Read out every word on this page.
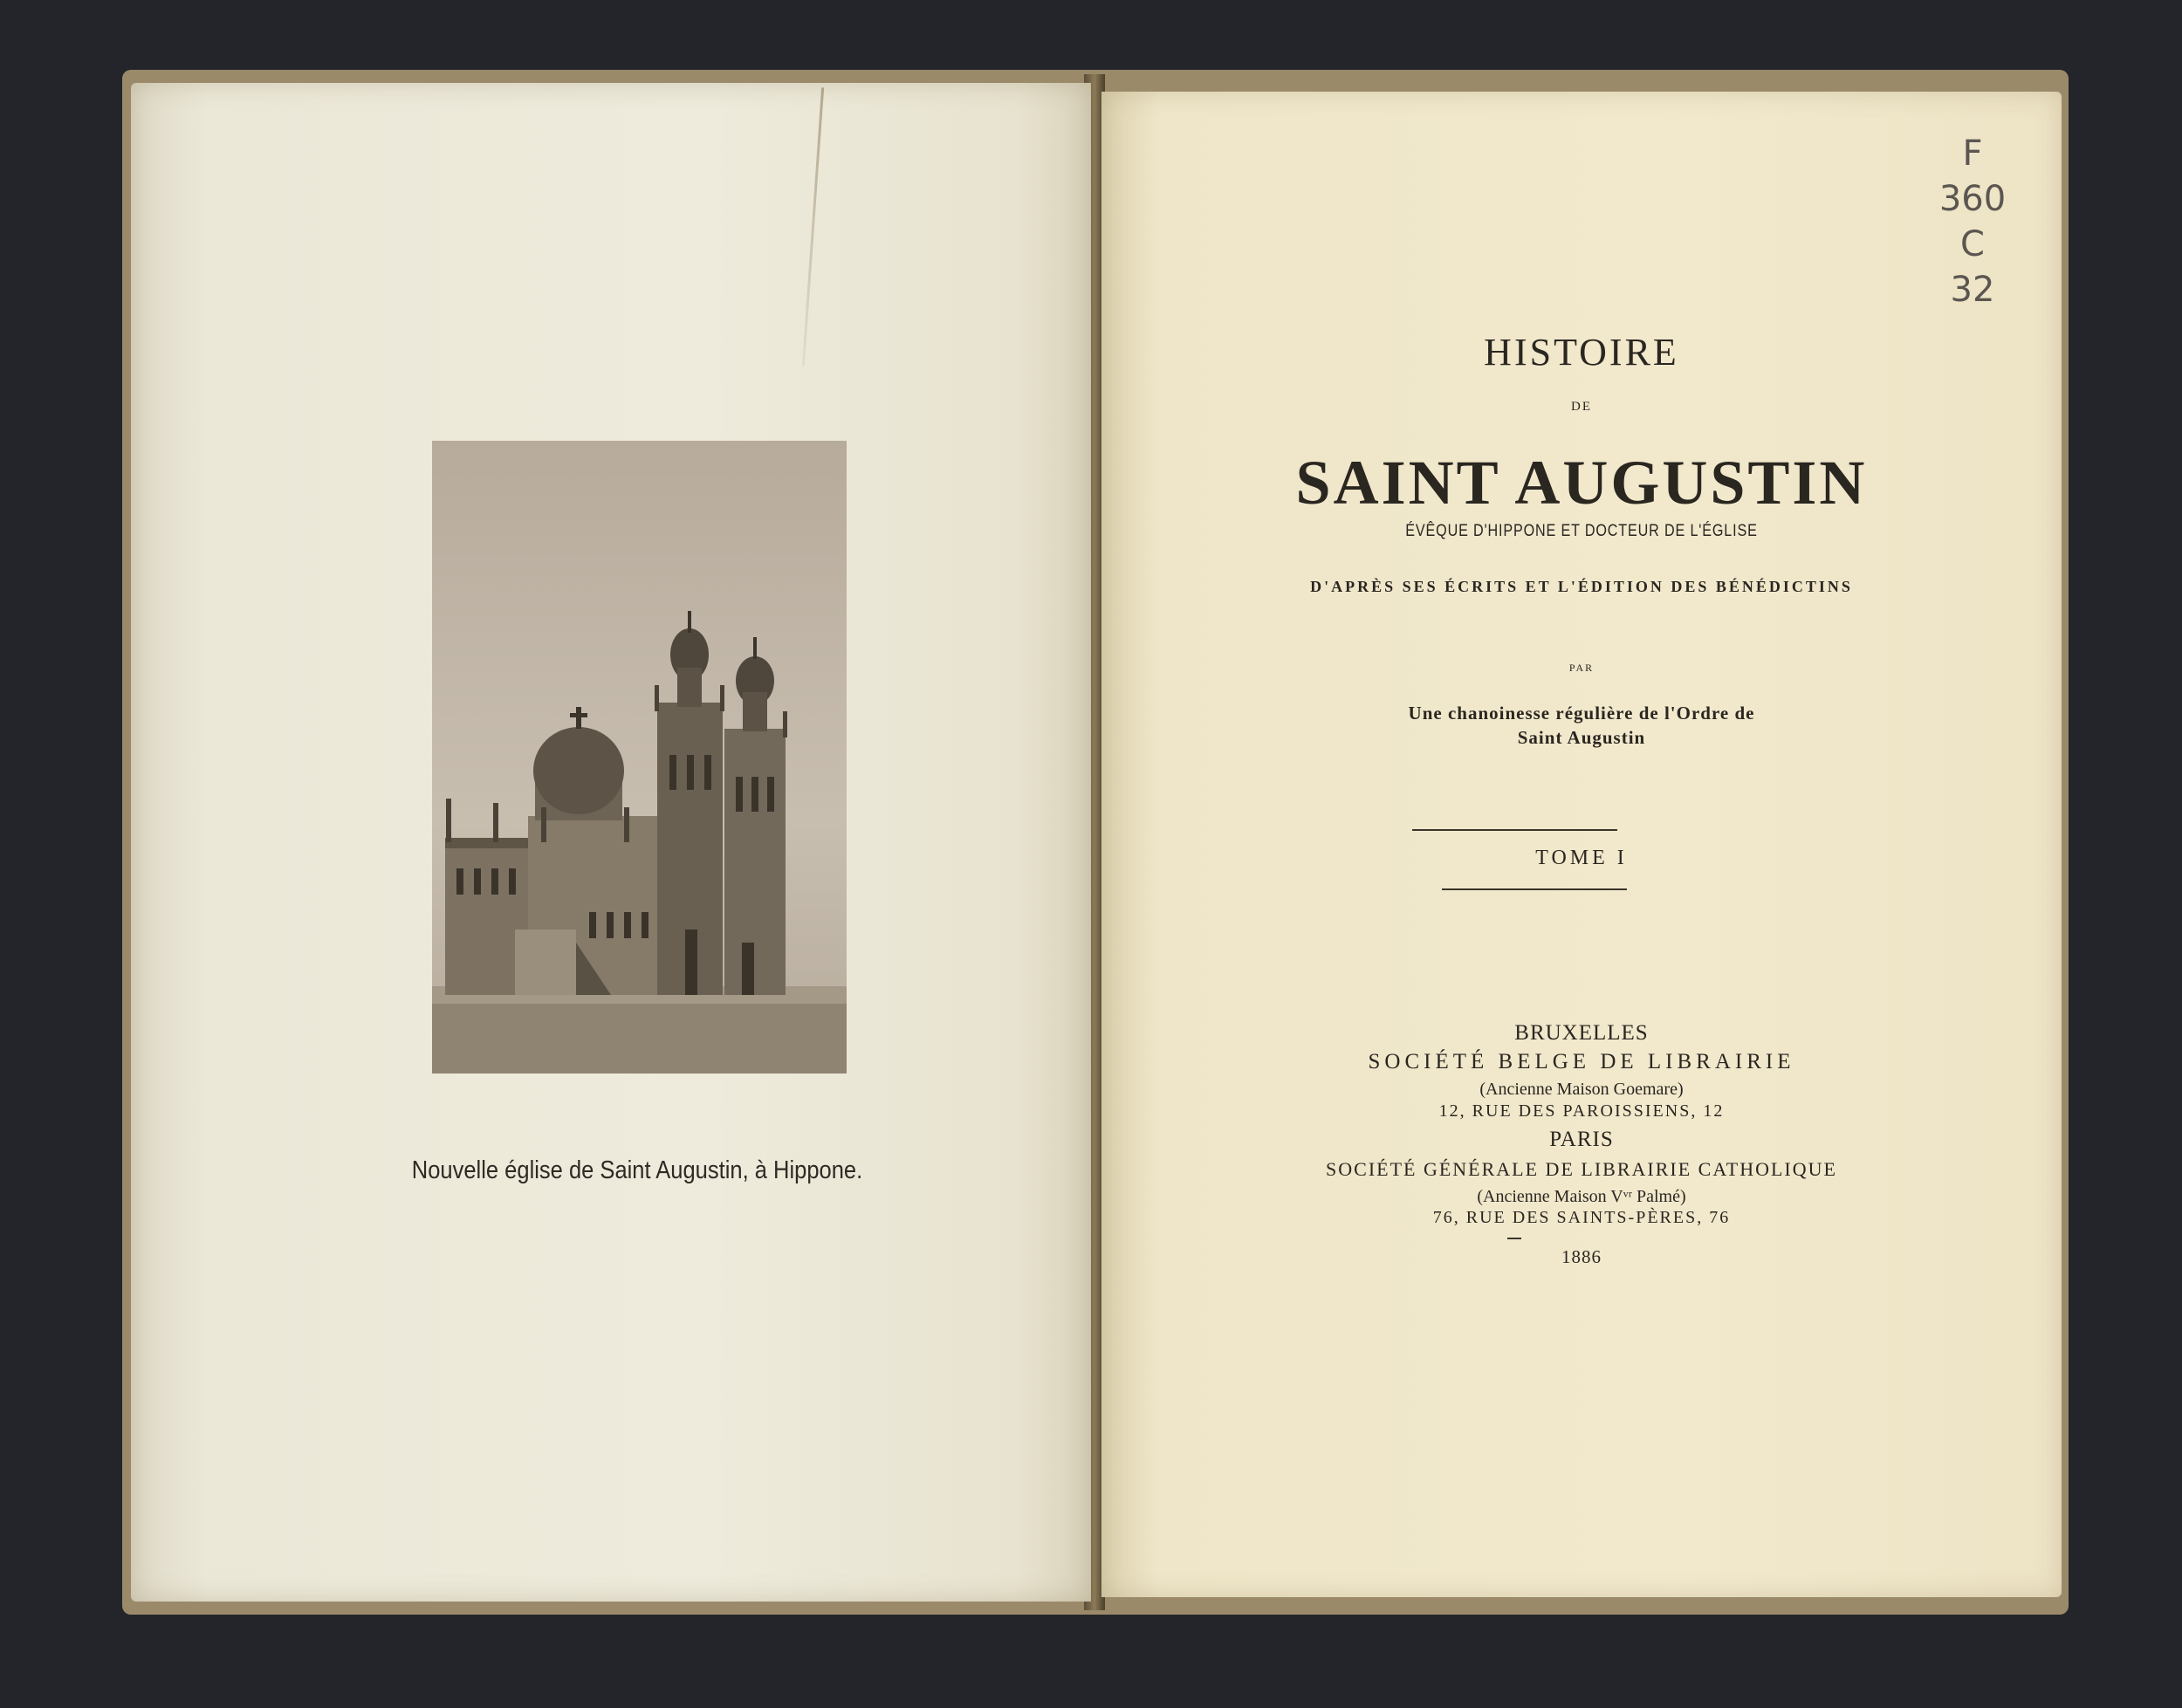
Nouvelle église de Saint Augustin, à Hippone.
HISTOIRE
DE
SAINT AUGUSTIN
ÉVÊQUE D'HIPPONE ET DOCTEUR DE L'ÉGLISE
D'APRÈS SES ÉCRITS ET L'ÉDITION DES BÉNÉDICTINS
PAR
Une chanoinesse régulière de l'Ordre de
Saint Augustin
TOME I
BRUXELLES
SOCIÉTÉ BELGE DE LIBRAIRIE
(Ancienne Maison Goemare)
12, RUE DES PAROISSIENS, 12
PARIS
SOCIÉTÉ GÉNÉRALE DE LIBRAIRIE CATHOLIQUE
(Ancienne Maison Vᵛʳ Palmé)
76, RUE DES SAINTS-PÈRES, 76
1886
F
360
C
32
